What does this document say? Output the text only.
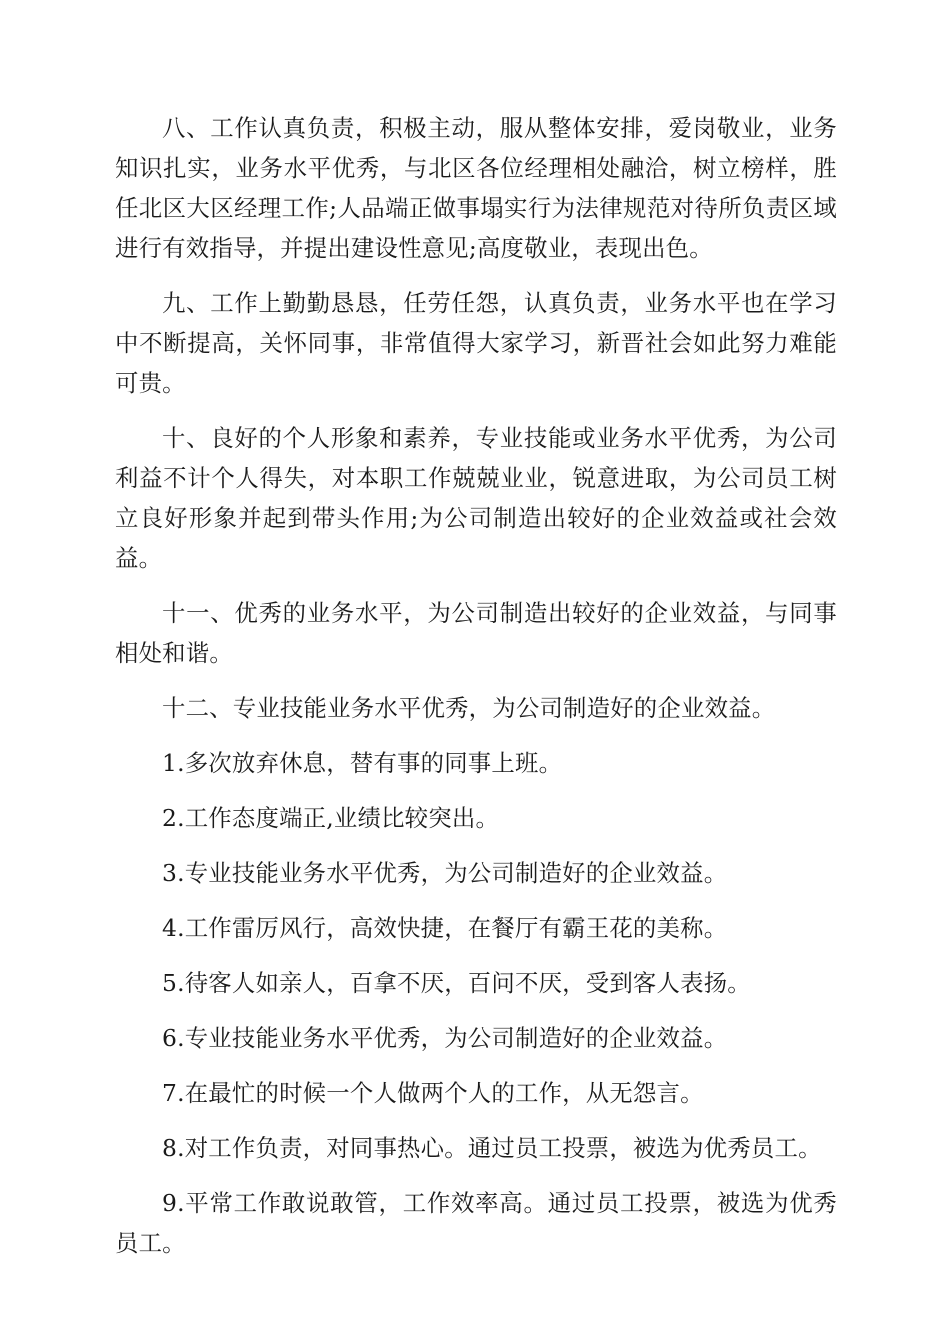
八、工作认真负责，积极主动，服从整体安排，爱岗敬业，业务知识扎实，业务水平优秀，与北区各位经理相处融洽，树立榜样，胜任北区大区经理工作;人品端正做事塌实行为法律规范对待所负责区域进行有效指导，并提出建设性意见;高度敬业，表现出色。

九、工作上勤勤恳恳，任劳任怨，认真负责，业务水平也在学习中不断提高，关怀同事，非常值得大家学习，新晋社会如此努力难能可贵。

十、良好的个人形象和素养，专业技能或业务水平优秀，为公司利益不计个人得失，对本职工作兢兢业业，锐意进取，为公司员工树立良好形象并起到带头作用;为公司制造出较好的企业效益或社会效益。

十一、优秀的业务水平，为公司制造出较好的企业效益，与同事相处和谐。

十二、专业技能业务水平优秀，为公司制造好的企业效益。

1.多次放弃休息，替有事的同事上班。

2.工作态度端正,业绩比较突出。

3.专业技能业务水平优秀，为公司制造好的企业效益。

4.工作雷厉风行，高效快捷，在餐厅有霸王花的美称。

5.待客人如亲人，百拿不厌，百问不厌，受到客人表扬。

6.专业技能业务水平优秀，为公司制造好的企业效益。

7.在最忙的时候一个人做两个人的工作，从无怨言。

8.对工作负责，对同事热心。通过员工投票，被选为优秀员工。

9.平常工作敢说敢管，工作效率高。通过员工投票，被选为优秀员工。
